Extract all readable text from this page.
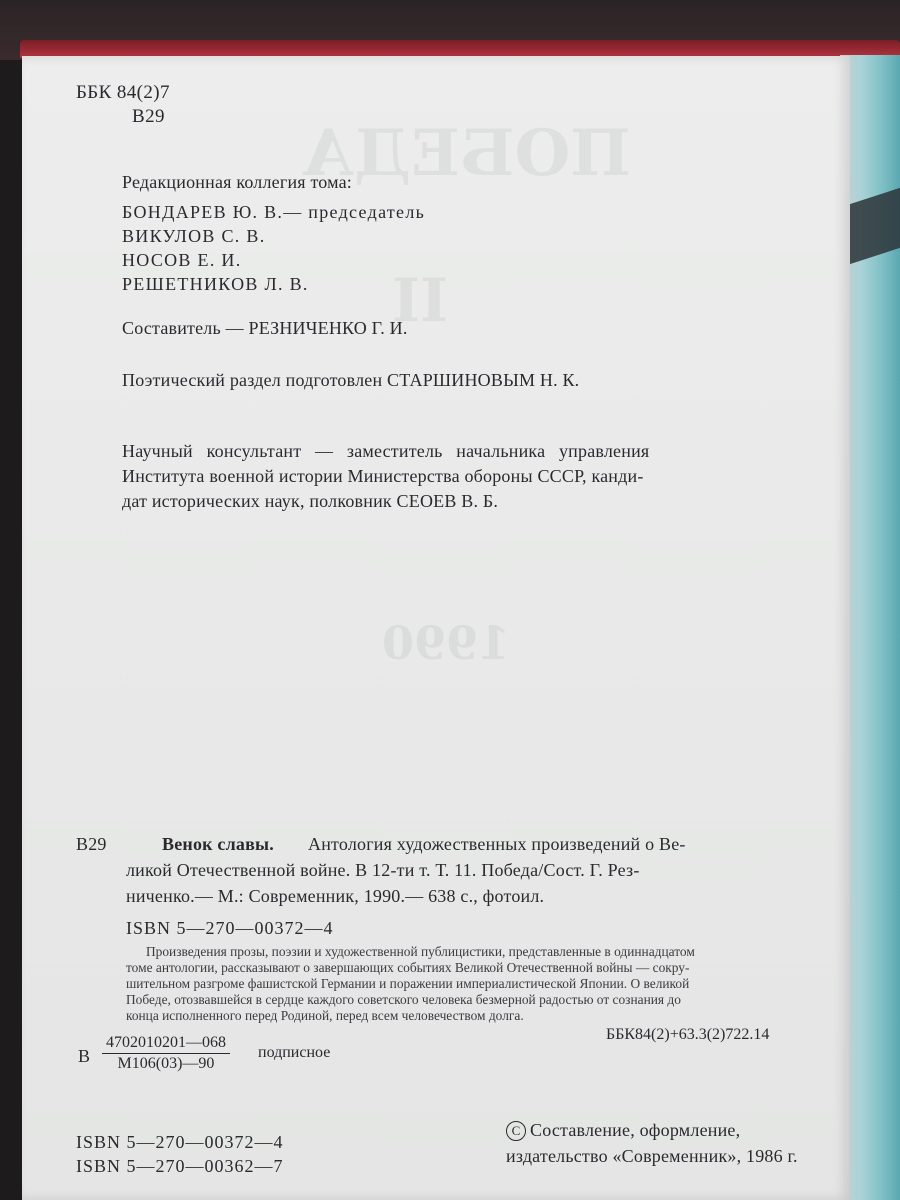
ПОБЕДА
II
1990
ББК 84(2)7
В29
Редакционная коллегия тома:
БОНДАРЕВ Ю. В.— председатель
ВИКУЛОВ С. В.
НОСОВ Е. И.
РЕШЕТНИКОВ Л. В.
Составитель — РЕЗНИЧЕНКО Г. И.
Поэтический раздел подготовлен СТАРШИНОВЫМ Н. К.
Научный консультант — заместитель начальника управления
Института военной истории Министерства обороны СССР, канди-
дат исторических наук, полковник СЕОЕВ В. Б.
В29	Венок славы. Антология художественных произведений о Ве-
ликой Отечественной войне. В 12-ти т. Т. 11. Победа/Сост. Г. Рез-
ниченко.— М.: Современник, 1990.— 638 с., фотоил.
ISBN 5—270—00372—4
Произведения прозы, поэзии и художественной публицистики, представленные в одиннадцатом
томе антологии, рассказывают о завершающих событиях Великой Отечественной войны — сокру-
шительном разгроме фашистской Германии и поражении империалистической Японии. О великой
Победе, отозвавшейся в сердце каждого советского человека безмерной радостью от сознания до
конца исполненного перед Родиной, перед всем человечеством долга.
ББК84(2)+63.3(2)722.14
В
4702010201—068
М106(03)—90
подписное
ISBN 5—270—00372—4
ISBN 5—270—00362—7
C Составление, оформление,
издательство «Современник», 1986 г.
